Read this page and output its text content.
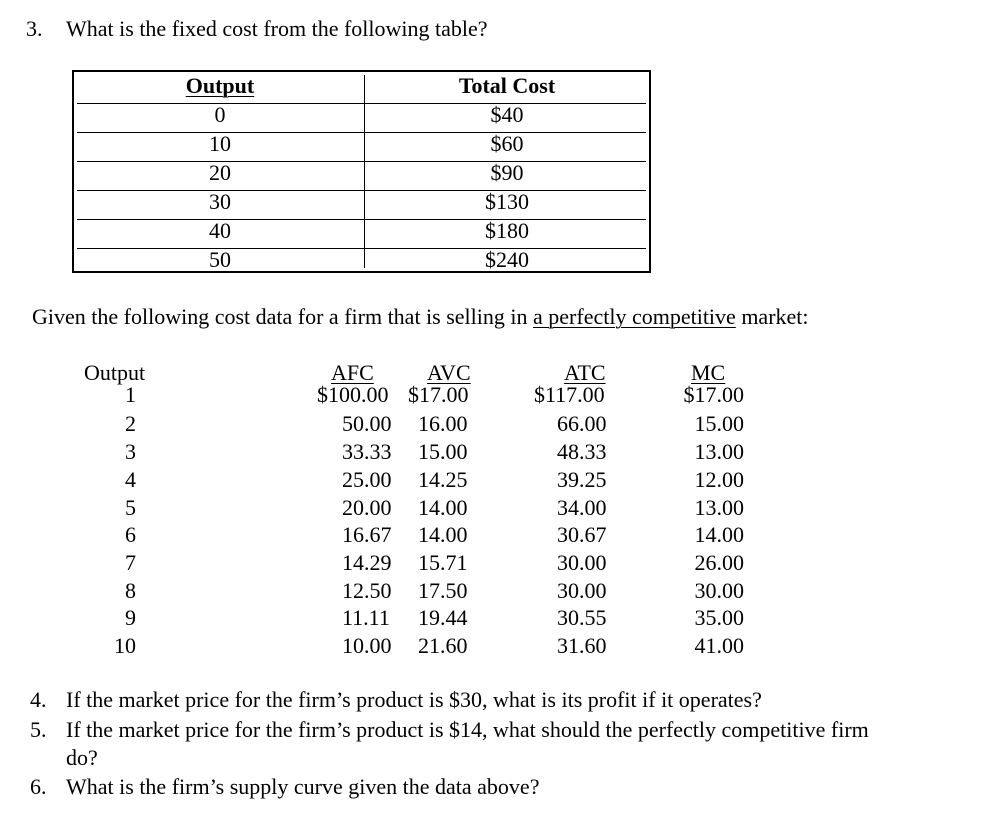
3. What is the fixed cost from the following table?
Output	Total Cost
0	$40
10	$60
20	$90
30	$130
40	$180
50	$240
Given the following cost data for a firm that is selling in a perfectly competitive market:
Output	AFC AVC	ATC	MC
1	$100.00 $17.00	$117.00	$17.00
2	50.00 16.00	66.00	15.00
3	33.33 15.00	48.33	13.00
4	25.00 14.25	39.25	12.00
5	20.00 14.00	34.00	13.00
6	16.67 14.00	30.67	14.00
7	14.29 15.71	30.00	26.00
8	12.50 17.50	30.00	30.00
9	11.11 19.44	30.55	35.00
10	10.00 21.60	31.60	41.00
4. If the market price for the firm’s product is $30, what is its profit if it operates?
5. If the market price for the firm’s product is $14, what should the perfectly competitive firm
do?
6. What is the firm’s supply curve given the data above?
